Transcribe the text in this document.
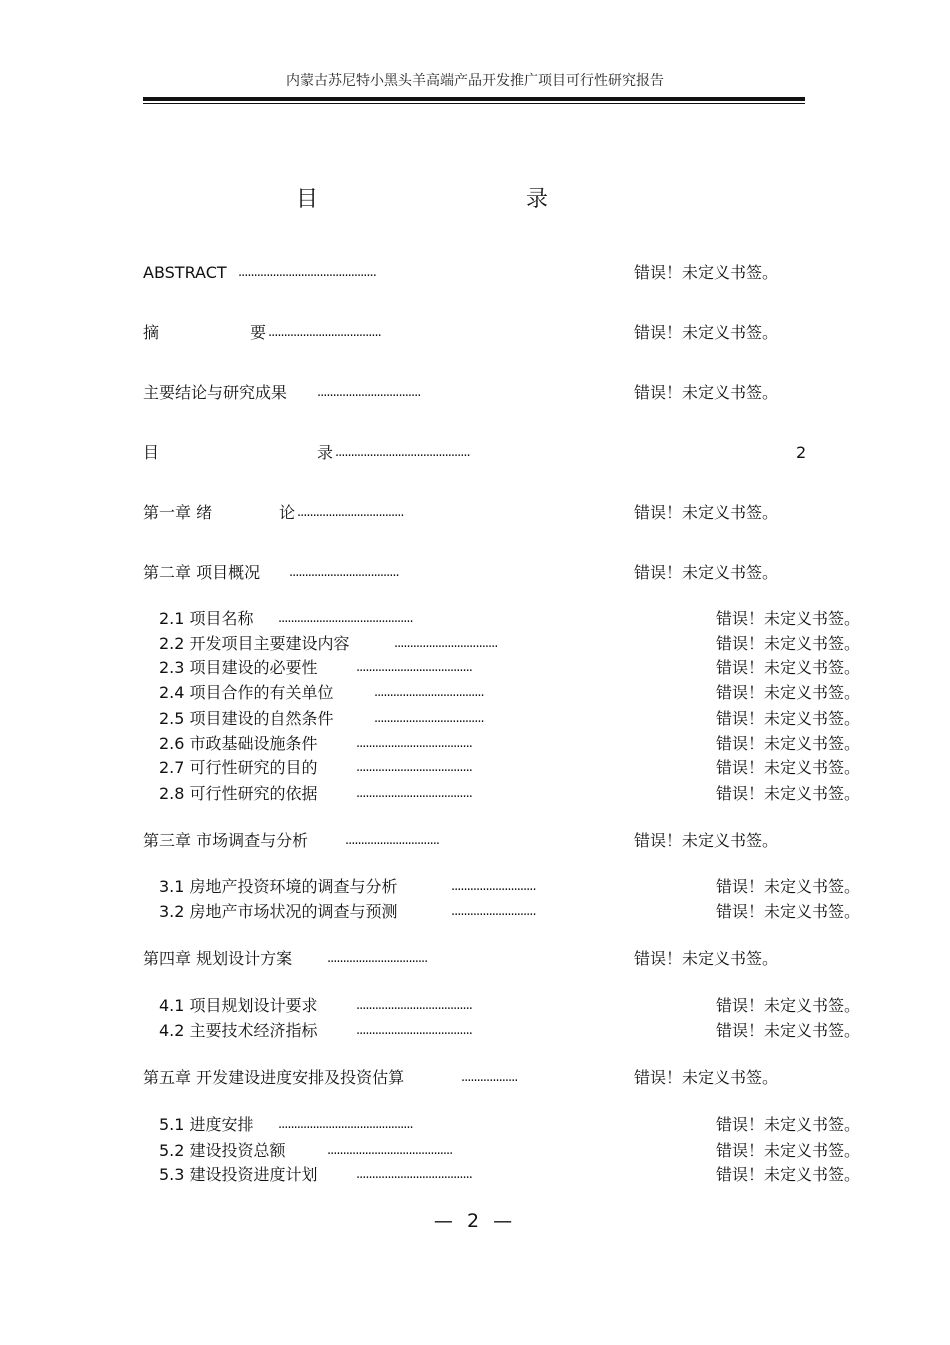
内蒙古苏尼特小黑头羊高端产品开发推广项目可行性研究报告
目	录
ABSTRACT ............................................	错误！未定义书签。
摘	要 ....................................	错误！未定义书签。
主要结论与研究成果 .................................	错误！未定义书签。
目	录 ...........................................	2
第一章 绪	论 ..................................	错误！未定义书签。
第二章 项目概况 ...................................	错误！未定义书签。
2.1 项目名称 ...........................................	错误！未定义书签。
2.2 开发项目主要建设内容	.................................	错误！未定义书签。
2.3 项目建设的必要性	.....................................	错误！未定义书签。
2.4 项目合作的有关单位	...................................	错误！未定义书签。
2.5 项目建设的自然条件	...................................	错误！未定义书签。
2.6 市政基础设施条件	.....................................	错误！未定义书签。
2.7 可行性研究的目的	.....................................	错误！未定义书签。
2.8 可行性研究的依据	.....................................	错误！未定义书签。
第三章 市场调查与分析	..............................	错误！未定义书签。
3.1 房地产投资环境的调查与分析	...........................	错误！未定义书签。
3.2 房地产市场状况的调查与预测	...........................	错误！未定义书签。
第四章 规划设计方案	................................	错误！未定义书签。
4.1 项目规划设计要求	.....................................	错误！未定义书签。
4.2 主要技术经济指标	.....................................	错误！未定义书签。
第五章 开发建设进度安排及投资估算	..................	错误！未定义书签。
5.1 进度安排 ...........................................	错误！未定义书签。
5.2 建设投资总额	........................................	错误！未定义书签。
5.3 建设投资进度计划	.....................................	错误！未定义书签。
— 2 —
